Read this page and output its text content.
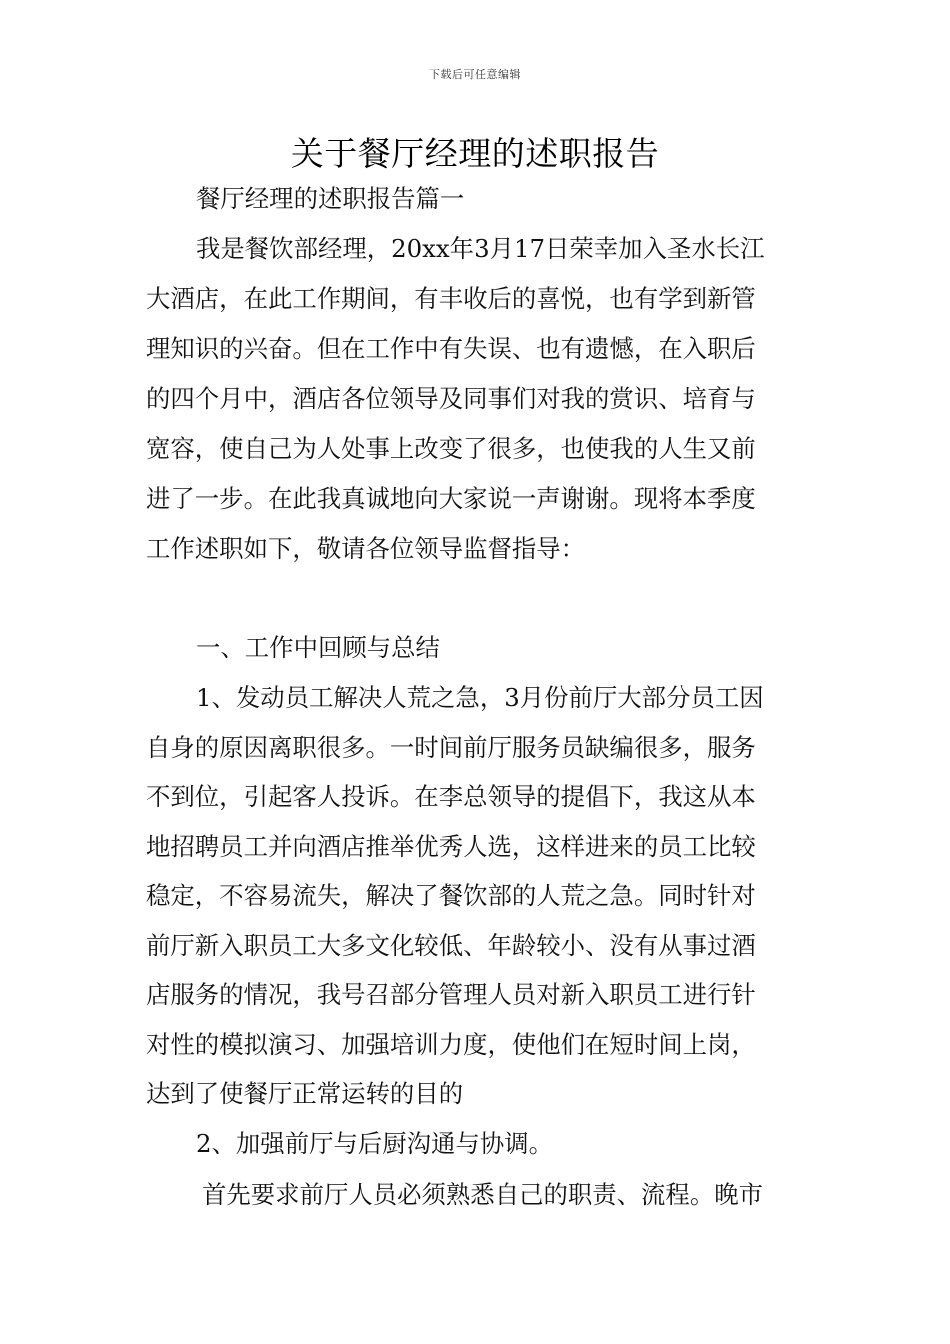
下载后可任意编辑
关于餐厅经理的述职报告
餐厅经理的述职报告篇一
我是餐饮部经理，20xx年3月17日荣幸加入圣水长江
大酒店，在此工作期间，有丰收后的喜悦，也有学到新管
理知识的兴奋。但在工作中有失误、也有遗憾，在入职后
的四个月中，酒店各位领导及同事们对我的赏识、培育与
宽容，使自己为人处事上改变了很多，也使我的人生又前
进了一步。在此我真诚地向大家说一声谢谢。现将本季度
工作述职如下，敬请各位领导监督指导：
一、工作中回顾与总结
1、发动员工解决人荒之急，3月份前厅大部分员工因
自身的原因离职很多。一时间前厅服务员缺编很多，服务
不到位，引起客人投诉。在李总领导的提倡下，我这从本
地招聘员工并向酒店推举优秀人选，这样进来的员工比较
稳定，不容易流失，解决了餐饮部的人荒之急。同时针对
前厅新入职员工大多文化较低、年龄较小、没有从事过酒
店服务的情况，我号召部分管理人员对新入职员工进行针
对性的模拟演习、加强培训力度，使他们在短时间上岗，
达到了使餐厅正常运转的目的
2、加强前厅与后厨沟通与协调。
首先要求前厅人员必须熟悉自己的职责、流程。晚市
